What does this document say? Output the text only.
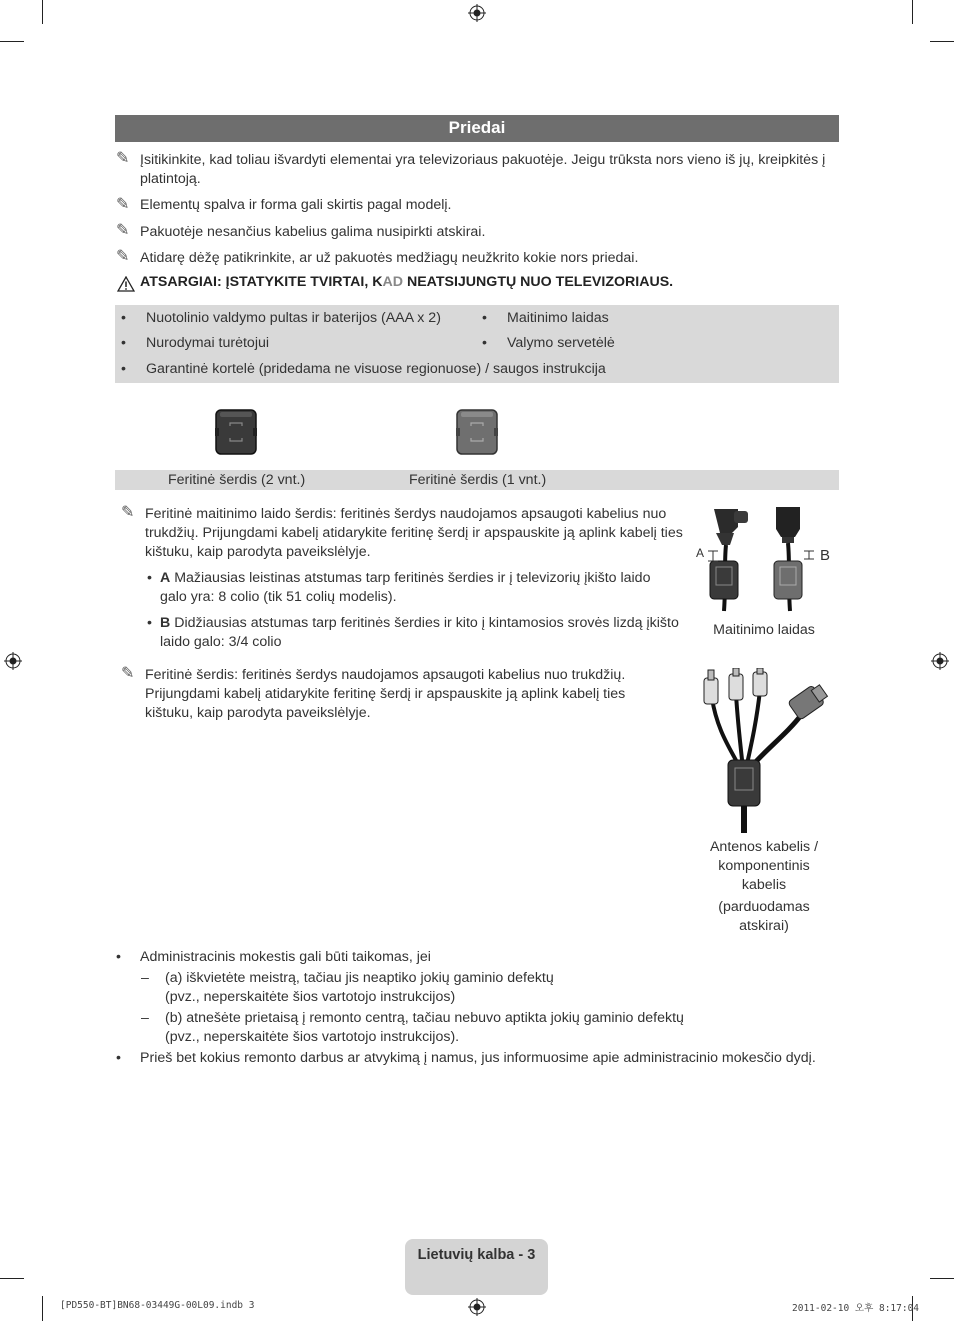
Priedai
✎ Įsitikinkite, kad toliau išvardyti elementai yra televizoriaus pakuotėje. Jeigu trūksta nors vieno iš jų, kreipkitės į platintoją.
✎ Elementų spalva ir forma gali skirtis pagal modelį.
✎ Pakuotėje nesančius kabelius galima nusipirkti atskirai.
✎ Atidarę dėžę patikrinkite, ar už pakuotės medžiagų neužkrito kokie nors priedai.
ATSARGIAI: ĮSTATYKITE TVIRTAI, KAD NEATSIJUNGTŲ NUO TELEVIZORIAUS.
• Nuotolinio valdymo pultas ir baterijos (AAA x 2)	• Maitinimo laidas
• Nurodymai turėtojui	• Valymo servetėlė
• Garantinė kortelė (pridedama ne visuose regionuose) / saugos instrukcija
Feritinė šerdis (2 vnt.)	Feritinė šerdis (1 vnt.)
✎ Feritinė maitinimo laido šerdis: feritinės šerdys naudojamos apsaugoti kabelius nuo trukdžių. Prijungdami kabelį atidarykite feritinę šerdį ir apspauskite ją aplink kabelį ties kištuku, kaip parodyta paveikslėlyje.
• A Mažiausias leistinas atstumas tarp feritinės šerdies ir į televizorių įkišto laido galo yra: 8 colio (tik 51 colių modelis).
• B Didžiausias atstumas tarp feritinės šerdies ir kito į kintamosios srovės lizdą įkišto laido galo: 3/4 colio
✎ Feritinė šerdis: feritinės šerdys naudojamos apsaugoti kabelius nuo trukdžių. Prijungdami kabelį atidarykite feritinę šerdį ir apspauskite ją aplink kabelį ties kištuku, kaip parodyta paveikslėlyje.
A	B
Maitinimo laidas
Antenos kabelis / komponentinis kabelis
(parduodamas atskirai)
• Administracinis mokestis gali būti taikomas, jei
– (a) iškvietėte meistrą, tačiau jis neaptiko jokių gaminio defektų (pvz., neperskaitėte šios vartotojo instrukcijos)
– (b) atnešėte prietaisą į remonto centrą, tačiau nebuvo aptikta jokių gaminio defektų (pvz., neperskaitėte šios vartotojo instrukcijos).
• Prieš bet kokius remonto darbus ar atvykimą į namus, jus informuosime apie administracinio mokesčio dydį.
Lietuvių kalba - 3
[PD550-BT]BN68-03449G-00L09.indb 3	2011-02-10 오후 8:17:04
